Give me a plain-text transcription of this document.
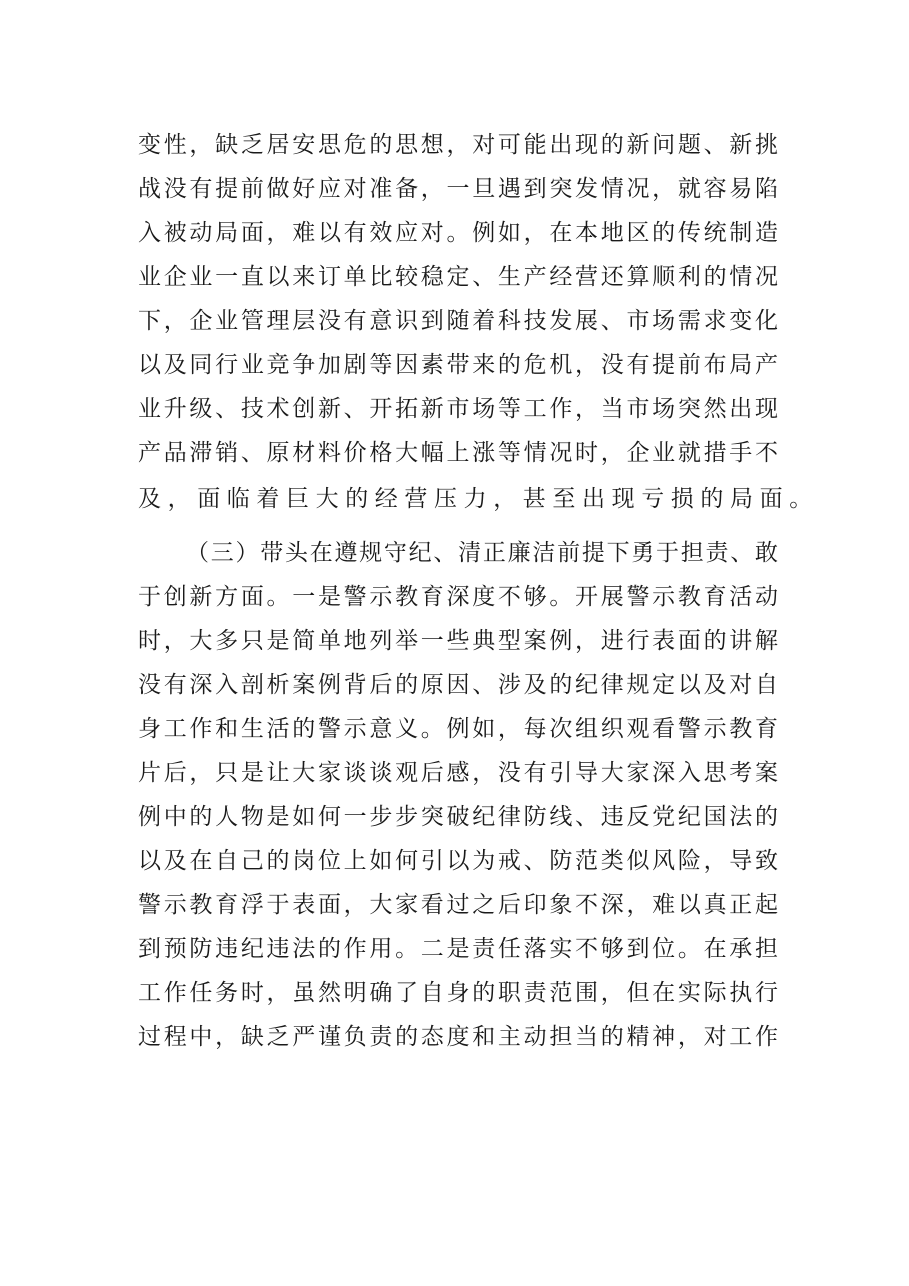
变性，缺乏居安思危的思想，对可能出现的新问题、新挑
战没有提前做好应对准备，一旦遇到突发情况，就容易陷
入被动局面，难以有效应对。例如，在本地区的传统制造
业企业一直以来订单比较稳定、生产经营还算顺利的情况
下，企业管理层没有意识到随着科技发展、市场需求变化
以及同行业竞争加剧等因素带来的危机，没有提前布局产
业升级、技术创新、开拓新市场等工作，当市场突然出现
产品滞销、原材料价格大幅上涨等情况时，企业就措手不
及，面临着巨大的经营压力，甚至出现亏损的局面。
（三）带头在遵规守纪、清正廉洁前提下勇于担责、敢
于创新方面。一是警示教育深度不够。开展警示教育活动
时，大多只是简单地列举一些典型案例，进行表面的讲解
没有深入剖析案例背后的原因、涉及的纪律规定以及对自
身工作和生活的警示意义。例如，每次组织观看警示教育
片后，只是让大家谈谈观后感，没有引导大家深入思考案
例中的人物是如何一步步突破纪律防线、违反党纪国法的
以及在自己的岗位上如何引以为戒、防范类似风险，导致
警示教育浮于表面，大家看过之后印象不深，难以真正起
到预防违纪违法的作用。二是责任落实不够到位。在承担
工作任务时，虽然明确了自身的职责范围，但在实际执行
过程中，缺乏严谨负责的态度和主动担当的精神，对工作
